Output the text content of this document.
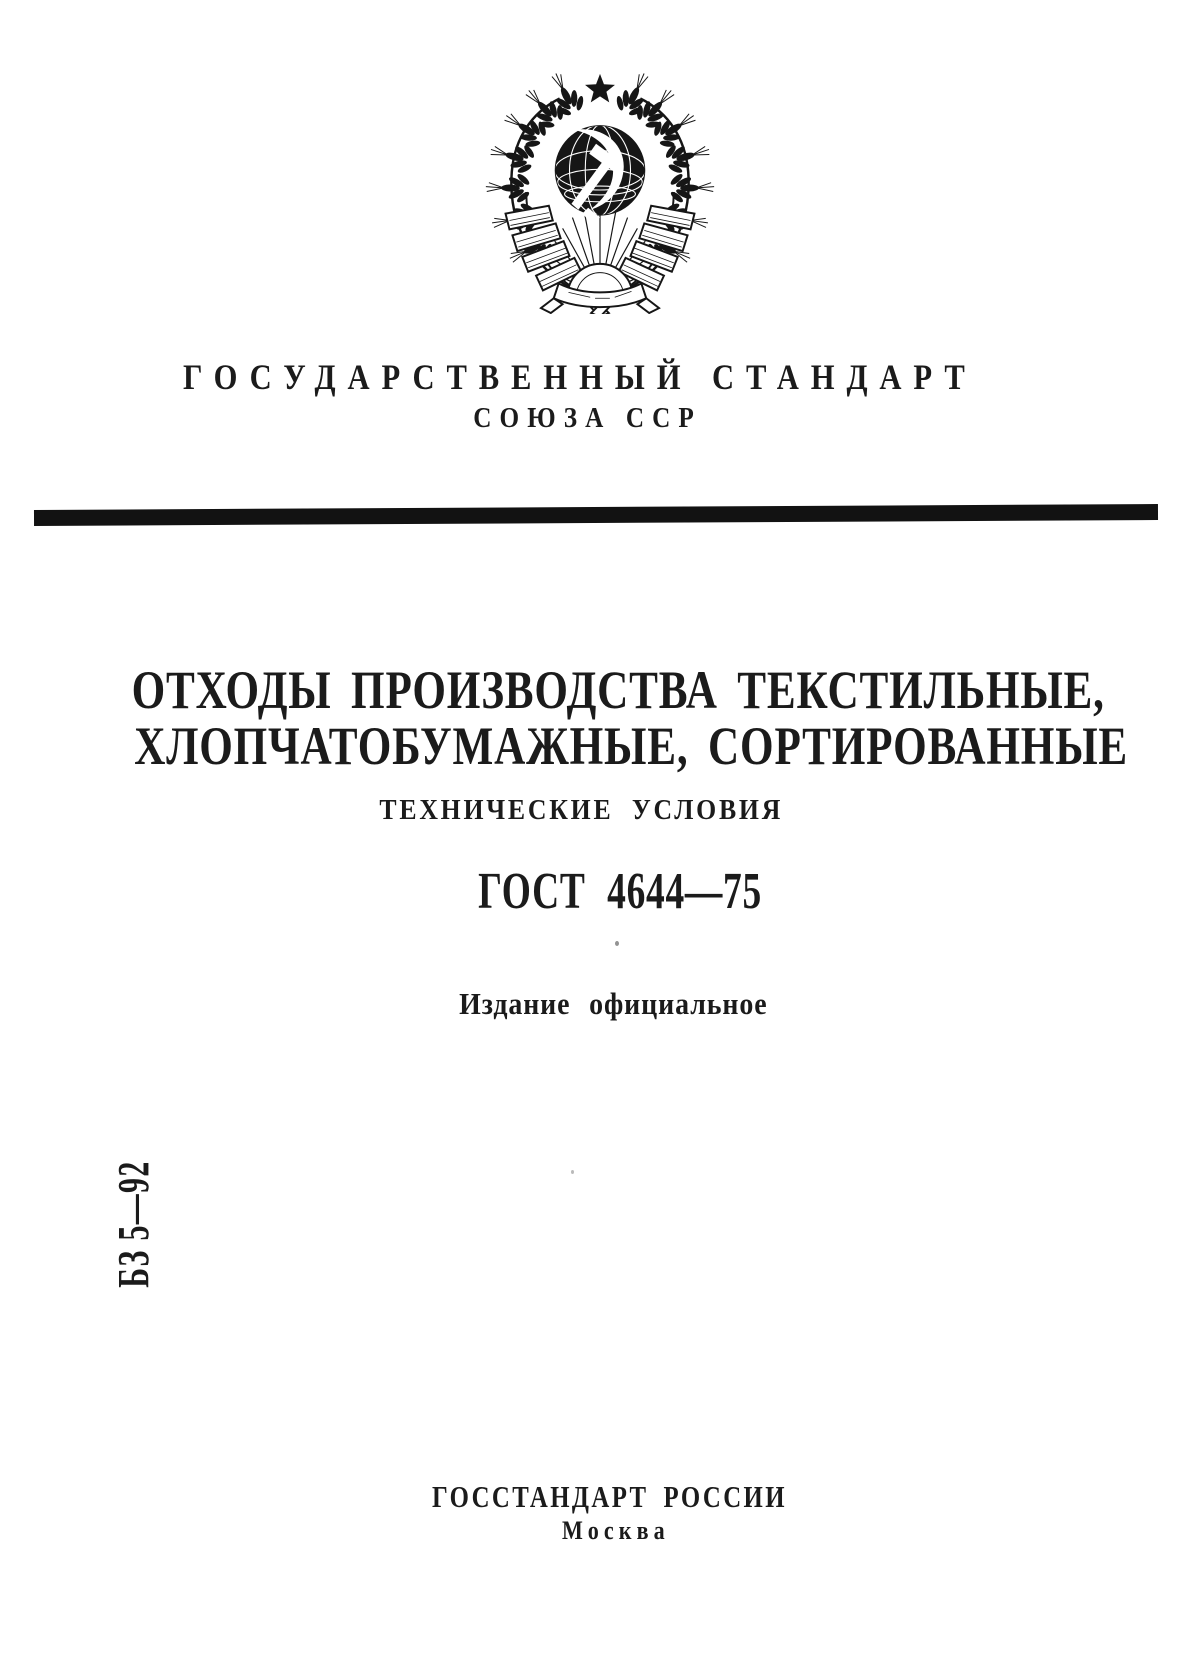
ГОСУДАРСТВЕННЫЙ СТАНДАРТ
СОЮЗА ССР
ОТХОДЫ ПРОИЗВОДСТВА ТЕКСТИЛЬНЫЕ,
ХЛОПЧАТОБУМАЖНЫЕ, СОРТИРОВАННЫЕ
ТЕХНИЧЕСКИЕ УСЛОВИЯ
ГОСТ 4644—75
Издание официальное
БЗ 5—92
ГОССТАНДАРТ РОССИИ
Москва
